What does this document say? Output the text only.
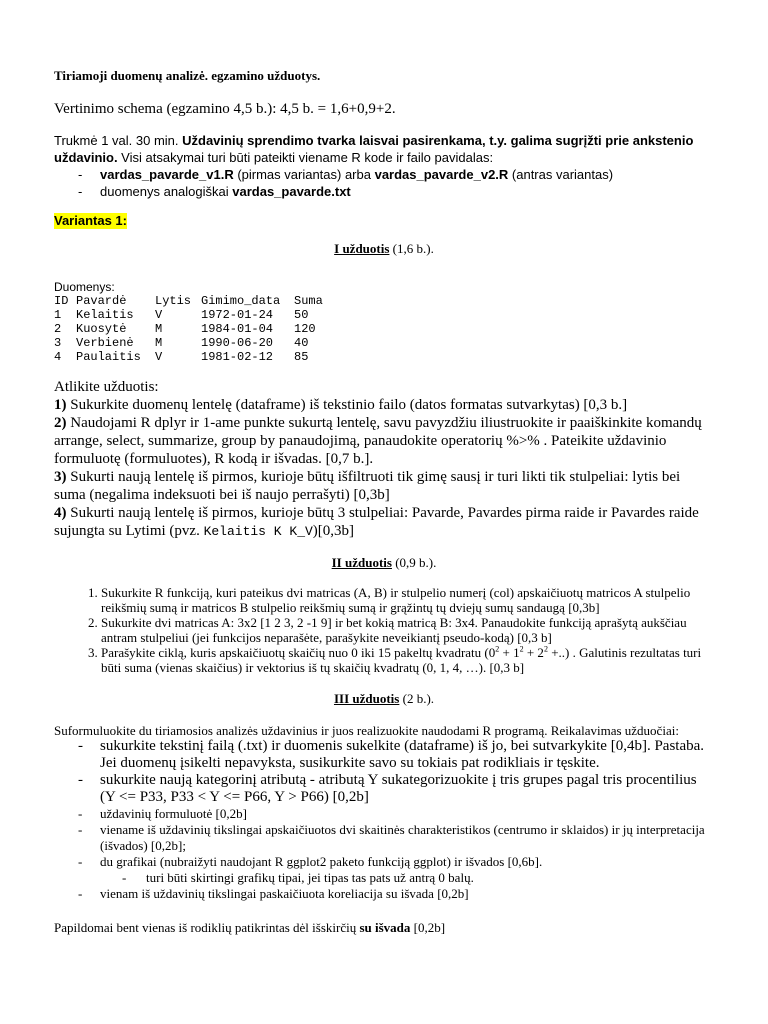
Tiriamoji duomenų analizė. egzamino užduotys.

Vertinimo schema (egzamino 4,5 b.): 4,5 b. = 1,6+0,9+2.

Trukmė 1 val. 30 min. Uždavinių sprendimo tvarka laisvai pasirenkama, t.y. galima sugrįžti prie ankstenio uždavinio. Visi atsakymai turi būti pateikti viename R kode ir failo pavidalas:
- vardas_pavarde_v1.R (pirmas variantas) arba vardas_pavarde_v2.R (antras variantas)
- duomenys analogiškai vardas_pavarde.txt
Variantas 1:

I užduotis (1,6 b.).

Duomenys:

ID	Pavardė	Lytis	Gimimo_data	Suma
1	Kelaitis	V	1972-01-24	50
2	Kuosytė	M	1984-01-04	120
3	Verbienė	M	1990-06-20	40
4	Paulaitis	V	1981-02-12	85

Atlikite užduotis:

1) Sukurkite duomenų lentelę (dataframe) iš tekstinio failo (datos formatas sutvarkytas) [0,3 b.]

2) Naudojami R dplyr ir 1-ame punkte sukurtą lentelę, savu pavyzdžiu iliustruokite ir paaiškinkite komandų arrange, select, summarize, group by panaudojimą, panaudokite operatorių %>% . Pateikite uždavinio formuluotę (formuluotes), R kodą ir išvadas. [0,7 b.].

3) Sukurti naują lentelę iš pirmos, kurioje būtų išfiltruoti tik gimę sausį ir turi likti tik stulpeliai: lytis bei suma (negalima indeksuoti bei iš naujo perrašyti) [0,3b]

4) Sukurti naują lentelę iš pirmos, kurioje būtų 3 stulpeliai: Pavarde, Pavardes pirma raide ir Pavardes raide sujungta su Lytimi (pvz. Kelaitis K K_V)[0,3b]

II užduotis (0,9 b.).

1. Sukurkite R funkciją, kuri pateikus dvi matricas (A, B) ir stulpelio numerį (col) apskaičiuotų matricos A stulpelio reikšmių sumą ir matricos B stulpelio reikšmių sumą ir grąžintų tų dviejų sumų sandaugą [0,3b]
2. Sukurkite dvi matricas A: 3x2 [1 2 3, 2 -1 9] ir bet kokią matricą B: 3x4. Panaudokite funkciją aprašytą aukščiau antram stulpeliui (jei funkcijos neparašėte, parašykite neveikiantį pseudo-kodą) [0,3 b]
3. Parašykite ciklą, kuris apskaičiuotų skaičių nuo 0 iki 15 pakeltų kvadratu ($0^2 + 1^2 + 2^2$ +..) . Galutinis rezultatas turi būti suma (vienas skaičius) ir vektorius iš tų skaičių kvadratų (0, 1, 4, …). [0,3 b]

III užduotis (2 b.).

Suformuluokite du tiriamosios analizės uždavinius ir juos realizuokite naudodami R programą. Reikalavimas užduočiai:

- sukurkite tekstinį failą (.txt) ir duomenis sukelkite (dataframe) iš jo, bei sutvarkykite [0,4b]. Pastaba. Jei duomenų įsikelti nepavyksta, susikurkite savo su tokiais pat rodikliais ir tęskite.
- sukurkite naują kategorinį atributą - atributą Y sukategorizuokite į tris grupes pagal tris procentilius (Y <= P33, P33 < Y <= P66, Y > P66) [0,2b]
- uždavinių formuluotė [0,2b]
- viename iš uždavinių tikslingai apskaičiuotos dvi skaitinės charakteristikos (centrumo ir sklaidos) ir jų interpretacija (išvados) [0,2b];
- du grafikai (nubraižyti naudojant R ggplot2 paketo funkciją ggplot) ir išvados [0,6b].
- turi būti skirtingi grafikų tipai, jei tipas tas pats už antrą 0 balų.
- vienam iš uždavinių tikslingai paskaičiuota koreliacija su išvada [0,2b]

Papildomai bent vienas iš rodiklių patikrintas dėl išskirčių su išvada [0,2b]
